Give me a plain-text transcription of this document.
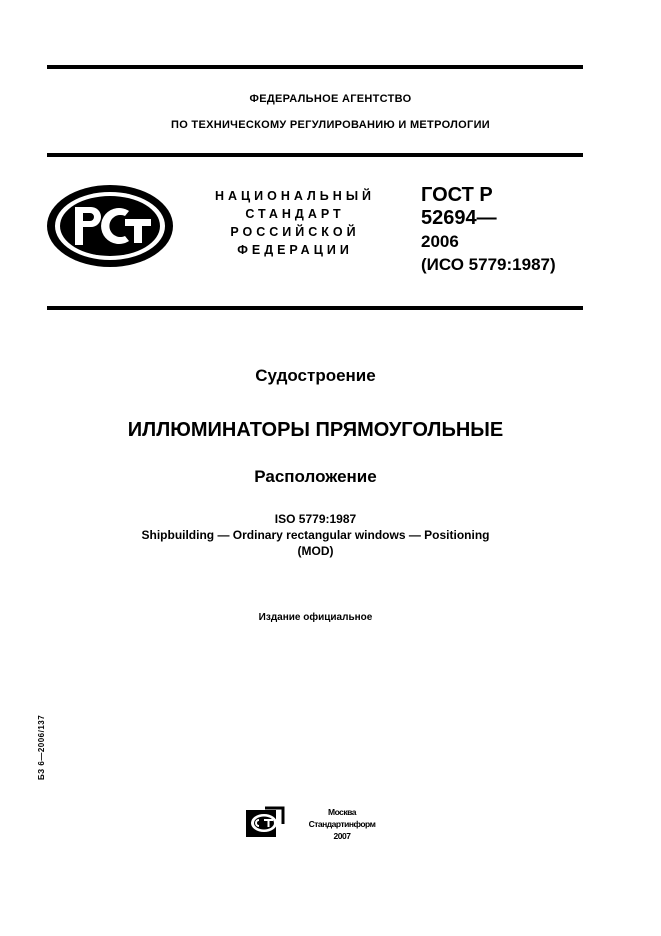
ФЕДЕРАЛЬНОЕ АГЕНТСТВО
ПО ТЕХНИЧЕСКОМУ РЕГУЛИРОВАНИЮ И МЕТРОЛОГИИ
НАЦИОНАЛЬНЫЙ
СТАНДАРТ
РОССИЙСКОЙ
ФЕДЕРАЦИИ
ГОСТ Р
52694—
2006
(ИСО 5779:1987)
Судостроение
ИЛЛЮМИНАТОРЫ ПРЯМОУГОЛЬНЫЕ
Расположение
ISO 5779:1987
Shipbuilding — Ordinary rectangular windows — Positioning
(MOD)
Издание официальное
БЗ 6—2006/137
Москва
Стандартинформ
2007
